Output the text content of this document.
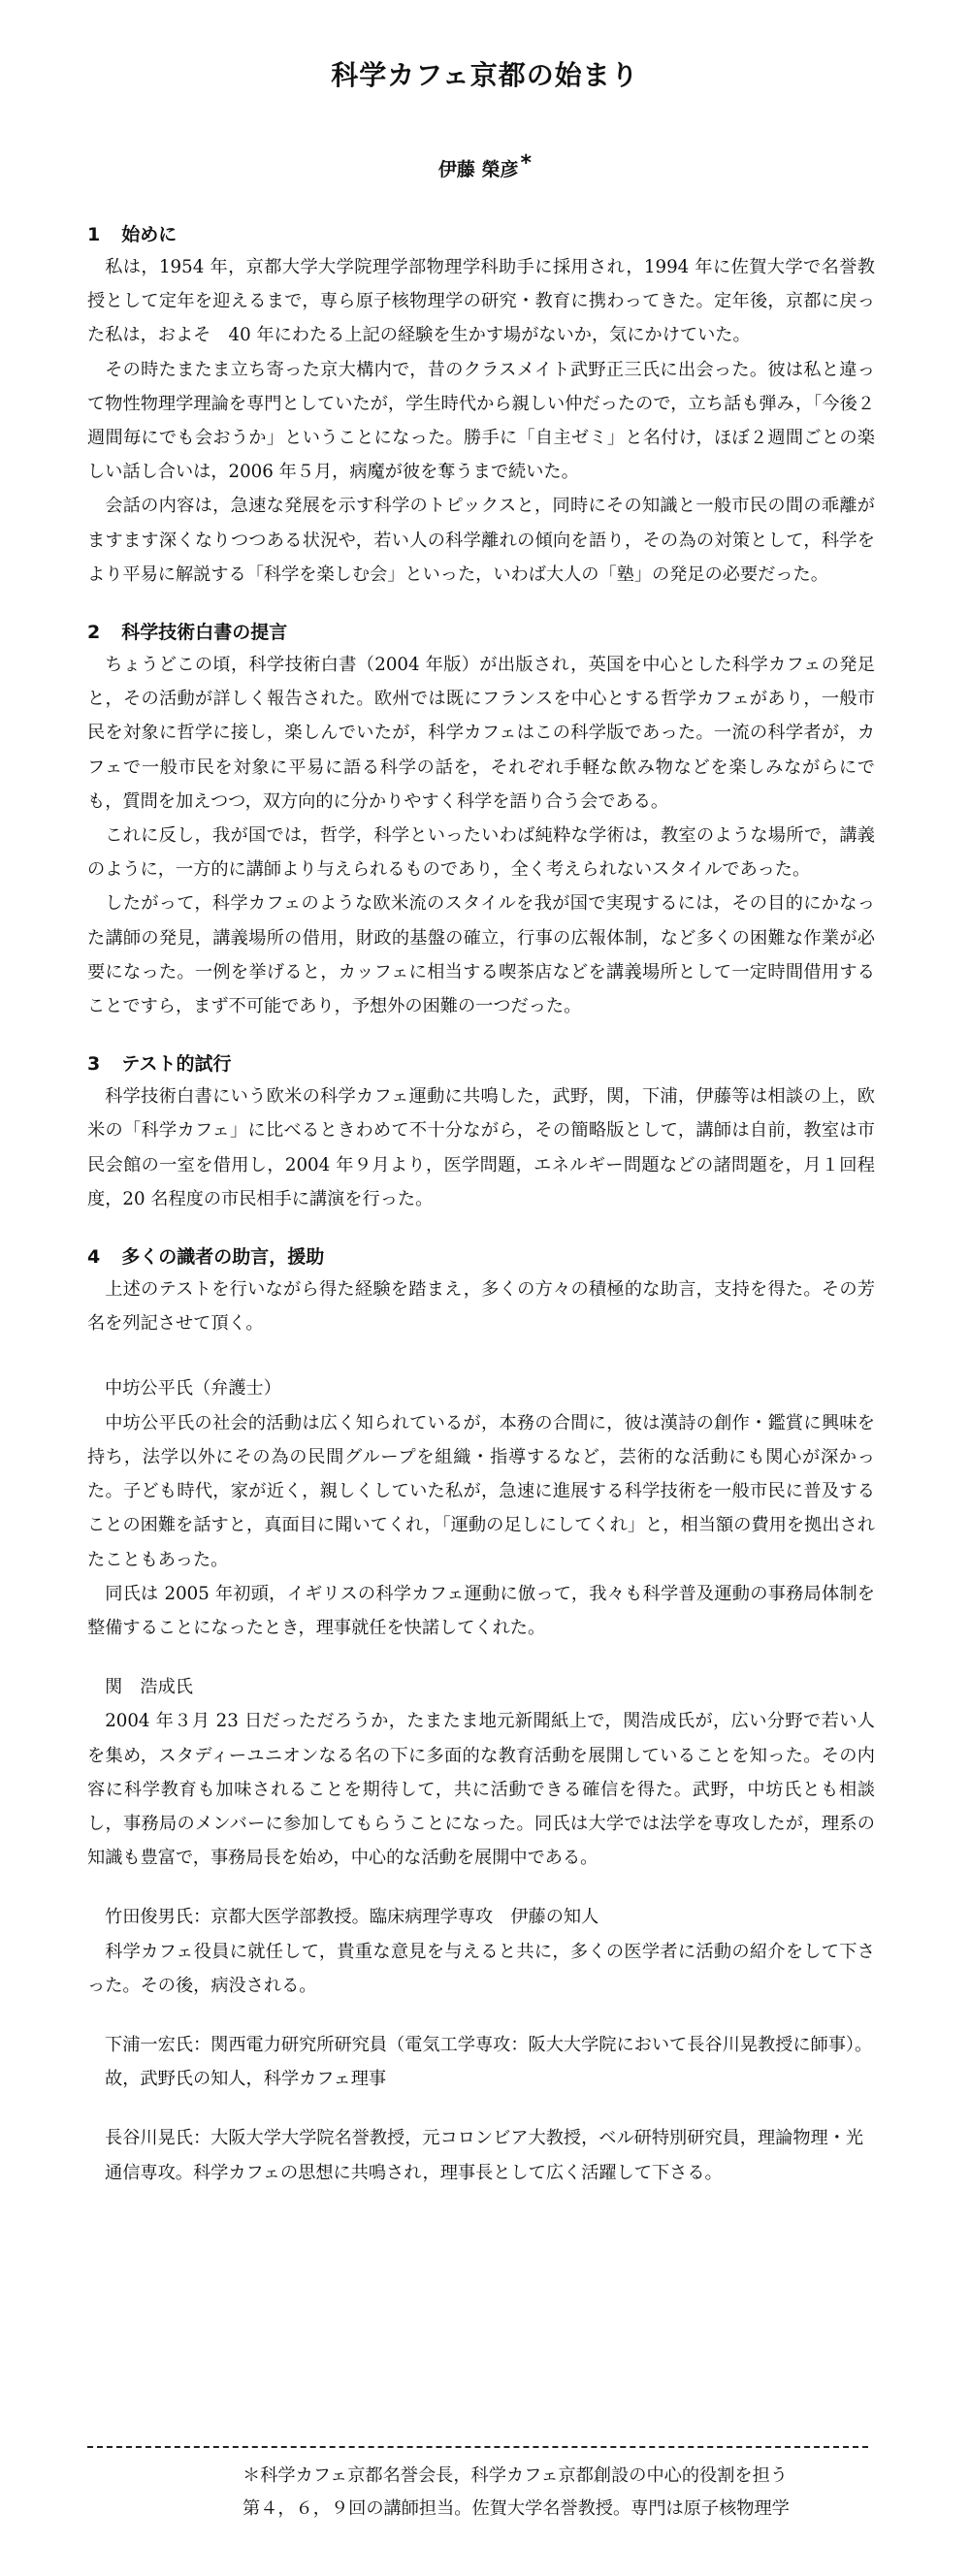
科学カフェ京都の始まり
伊藤 榮彦*
1 始めに

私は，1954 年，京都大学大学院理学部物理学科助手に採用され，1994 年に佐賀大学で名誉教授として定年を迎えるまで，専ら原子核物理学の研究・教育に携わってきた。定年後，京都に戻った私は，およそ　40 年にわたる上記の経験を生かす場がないか，気にかけていた。

その時たまたま立ち寄った京大構内で，昔のクラスメイト武野正三氏に出会った。彼は私と違って物性物理学理論を専門としていたが，学生時代から親しい仲だったので，立ち話も弾み，「今後２週間毎にでも会おうか」ということになった。勝手に「自主ゼミ」と名付け，ほぼ２週間ごとの楽しい話し合いは，2006 年５月，病魔が彼を奪うまで続いた。

会話の内容は，急速な発展を示す科学のトピックスと，同時にその知識と一般市民の間の乖離がますます深くなりつつある状況や，若い人の科学離れの傾向を語り，その為の対策として，科学をより平易に解説する「科学を楽しむ会」といった，いわば大人の「塾」の発足の必要だった。

2 科学技術白書の提言

ちょうどこの頃，科学技術白書（2004 年版）が出版され，英国を中心とした科学カフェの発足と，その活動が詳しく報告された。欧州では既にフランスを中心とする哲学カフェがあり，一般市民を対象に哲学に接し，楽しんでいたが，科学カフェはこの科学版であった。一流の科学者が，カフェで一般市民を対象に平易に語る科学の話を，それぞれ手軽な飲み物などを楽しみながらにでも，質問を加えつつ，双方向的に分かりやすく科学を語り合う会である。

これに反し，我が国では，哲学，科学といったいわば純粋な学術は，教室のような場所で，講義のように，一方的に講師より与えられるものであり，全く考えられないスタイルであった。

したがって，科学カフェのような欧米流のスタイルを我が国で実現するには，その目的にかなった講師の発見，講義場所の借用，財政的基盤の確立，行事の広報体制，など多くの困難な作業が必要になった。一例を挙げると，カッフェに相当する喫茶店などを講義場所として一定時間借用することですら，まず不可能であり，予想外の困難の一つだった。

3 テスト的試行

科学技術白書にいう欧米の科学カフェ運動に共鳴した，武野，関，下浦，伊藤等は相談の上，欧米の「科学カフェ」に比べるときわめて不十分ながら，その簡略版として，講師は自前，教室は市民会館の一室を借用し，2004 年９月より，医学問題，エネルギー問題などの諸問題を，月１回程度，20 名程度の市民相手に講演を行った。

4 多くの識者の助言，援助

上述のテストを行いながら得た経験を踏まえ，多くの方々の積極的な助言，支持を得た。その芳名を列記させて頂く。

中坊公平氏（弁護士）

中坊公平氏の社会的活動は広く知られているが，本務の合間に，彼は漢詩の創作・鑑賞に興味を持ち，法学以外にその為の民間グループを組織・指導するなど，芸術的な活動にも関心が深かった。子ども時代，家が近く，親しくしていた私が，急速に進展する科学技術を一般市民に普及することの困難を話すと，真面目に聞いてくれ，「運動の足しにしてくれ」と，相当額の費用を拠出されたこともあった。

同氏は 2005 年初頭，イギリスの科学カフェ運動に倣って，我々も科学普及運動の事務局体制を整備することになったとき，理事就任を快諾してくれた。

関　浩成氏

2004 年３月 23 日だっただろうか，たまたま地元新聞紙上で，関浩成氏が，広い分野で若い人を集め，スタディーユニオンなる名の下に多面的な教育活動を展開していることを知った。その内容に科学教育も加味されることを期待して，共に活動できる確信を得た。武野，中坊氏とも相談し，事務局のメンバーに参加してもらうことになった。同氏は大学では法学を専攻したが，理系の知識も豊富で，事務局長を始め，中心的な活動を展開中である。

竹田俊男氏：京都大医学部教授。臨床病理学専攻　伊藤の知人

科学カフェ役員に就任して，貴重な意見を与えると共に，多くの医学者に活動の紹介をして下さった。その後，病没される。

下浦一宏氏：関西電力研究所研究員（電気工学専攻：阪大大学院において長谷川晃教授に師事）。故，武野氏の知人，科学カフェ理事

長谷川晃氏：大阪大学大学院名誉教授，元コロンビア大教授，ベル研特別研究員，理論物理・光通信専攻。科学カフェの思想に共鳴され，理事長として広く活躍して下さる。

＊科学カフェ京都名誉会長，科学カフェ京都創設の中心的役割を担う
第４，６，９回の講師担当。佐賀大学名誉教授。専門は原子核物理学
